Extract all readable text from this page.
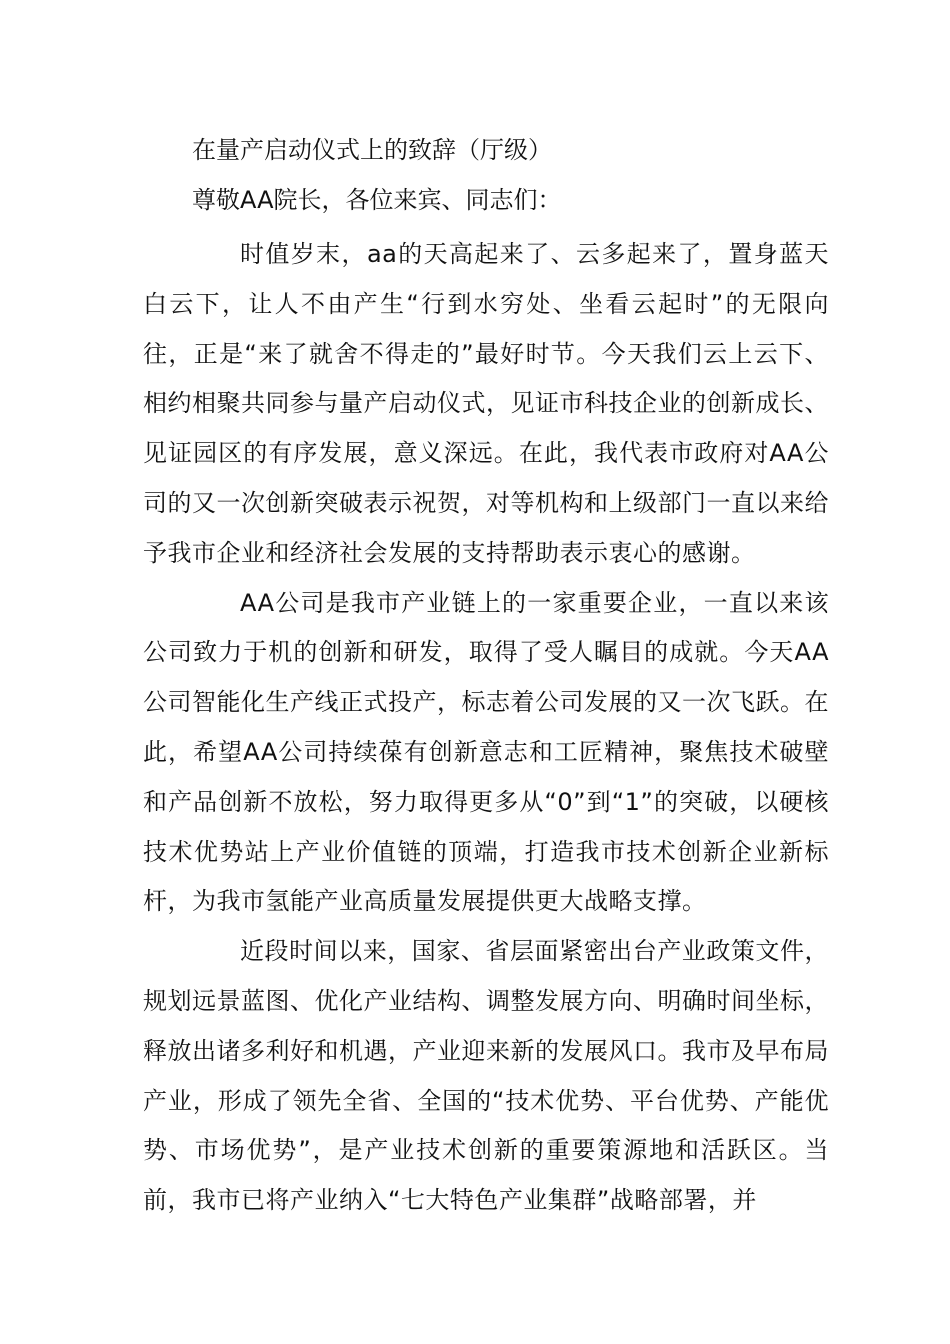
在量产启动仪式上的致辞（厅级）
尊敬AA院长，各位来宾、同志们：

时值岁末，aa的天高起来了、云多起来了，置身蓝天白云下，让人不由产生“行到水穷处、坐看云起时”的无限向往，正是“来了就舍不得走的”最好时节。今天我们云上云下、相约相聚共同参与量产启动仪式，见证市科技企业的创新成长、见证园区的有序发展，意义深远。在此，我代表市政府对AA公司的又一次创新突破表示祝贺，对等机构和上级部门一直以来给予我市企业和经济社会发展的支持帮助表示衷心的感谢。

AA公司是我市产业链上的一家重要企业，一直以来该公司致力于机的创新和研发，取得了受人瞩目的成就。今天AA公司智能化生产线正式投产，标志着公司发展的又一次飞跃。在此，希望AA公司持续葆有创新意志和工匠精神，聚焦技术破壁和产品创新不放松，努力取得更多从“0”到“1”的突破，以硬核技术优势站上产业价值链的顶端，打造我市技术创新企业新标杆，为我市氢能产业高质量发展提供更大战略支撑。

近段时间以来，国家、省层面紧密出台产业政策文件，规划远景蓝图、优化产业结构、调整发展方向、明确时间坐标，释放出诸多利好和机遇，产业迎来新的发展风口。我市及早布局产业，形成了领先全省、全国的“技术优势、平台优势、产能优势、市场优势”，是产业技术创新的重要策源地和活跃区。当前，我市已将产业纳入“七大特色产业集群”战略部署，并
